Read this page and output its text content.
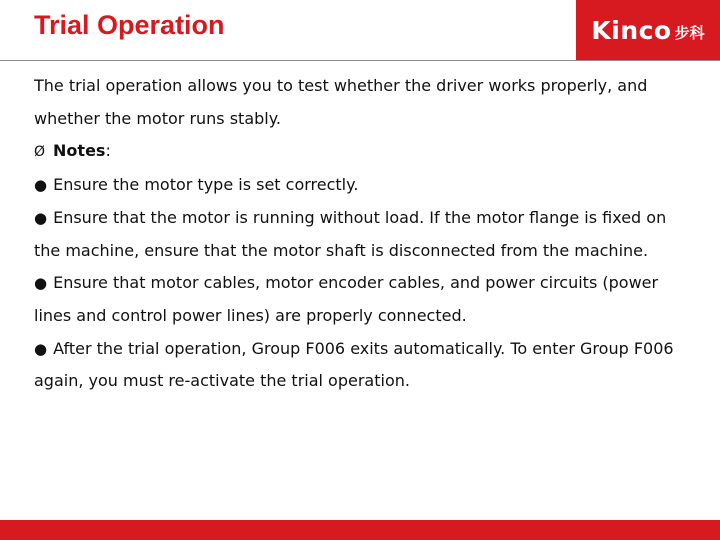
Trial Operation	Kinco 步科

The trial operation allows you to test whether the driver works properly, and whether the motor runs stably.

Ø Notes:

● Ensure the motor type is set correctly.

● Ensure that the motor is running without load. If the motor flange is fixed on the machine, ensure that the motor shaft is disconnected from the machine.

● Ensure that motor cables, motor encoder cables, and power circuits (power lines and control power lines) are properly connected.

● After the trial operation, Group F006 exits automatically. To enter Group F006 again, you must re-activate the trial operation.
